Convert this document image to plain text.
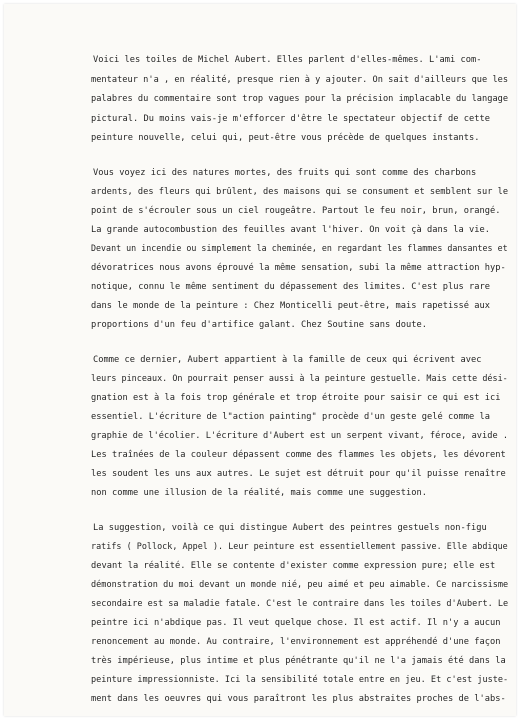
Voici les toiles de Michel Aubert. Elles parlent d'elles-mêmes. L'ami com-
mentateur n'a , en réalité, presque rien à y ajouter. On sait d'ailleurs que les
palabres du commentaire sont trop vagues pour la précision implacable du langage
pictural. Du moins vais-je m'efforcer d'être le spectateur objectif de cette
peinture nouvelle, celui qui, peut-être vous précède de quelques instants.
Vous voyez ici des natures mortes, des fruits qui sont comme des charbons
ardents, des fleurs qui brûlent, des maisons qui se consument et semblent sur le
point de s'écrouler sous un ciel rougeâtre. Partout le feu noir, brun, orangé.
La grande autocombustion des feuilles avant l'hiver. On voit çà dans la vie.
Devant un incendie ou simplement la cheminée, en regardant les flammes dansantes et
dévoratrices nous avons éprouvé la même sensation, subi la même attraction hyp-
notique, connu le même sentiment du dépassement des limites. C'est plus rare
dans le monde de la peinture : Chez Monticelli peut-être, mais rapetissé aux
proportions d'un feu d'artifice galant. Chez Soutine sans doute.
Comme ce dernier, Aubert appartient à la famille de ceux qui écrivent avec
leurs pinceaux. On pourrait penser aussi à la peinture gestuelle. Mais cette dési-
gnation est à la fois trop générale et trop étroite pour saisir ce qui est ici
essentiel. L'écriture de l"action painting" procède d'un geste gelé comme la
graphie de l'écolier. L'écriture d'Aubert est un serpent vivant, féroce, avide .
Les traînées de la couleur dépassent comme des flammes les objets, les dévorent
les soudent les uns aux autres. Le sujet est détruit pour qu'il puisse renaître
non comme une illusion de la réalité, mais comme une suggestion.
La suggestion, voilà ce qui distingue Aubert des peintres gestuels non-figu
ratifs ( Pollock, Appel ). Leur peinture est essentiellement passive. Elle abdique
devant la réalité. Elle se contente d'exister comme expression pure; elle est
démonstration du moi devant un monde nié, peu aimé et peu aimable. Ce narcissisme
secondaire est sa maladie fatale. C'est le contraire dans les toiles d'Aubert. Le
peintre ici n'abdique pas. Il veut quelque chose. Il est actif. Il n'y a aucun
renoncement au monde. Au contraire, l'environnement est appréhendé d'une façon
très impérieuse, plus intime et plus pénétrante qu'il ne l'a jamais été dans la
peinture impressionniste. Ici la sensibilité totale entre en jeu. Et c'est juste-
ment dans les oeuvres qui vous paraîtront les plus abstraites proches de l'abs-
